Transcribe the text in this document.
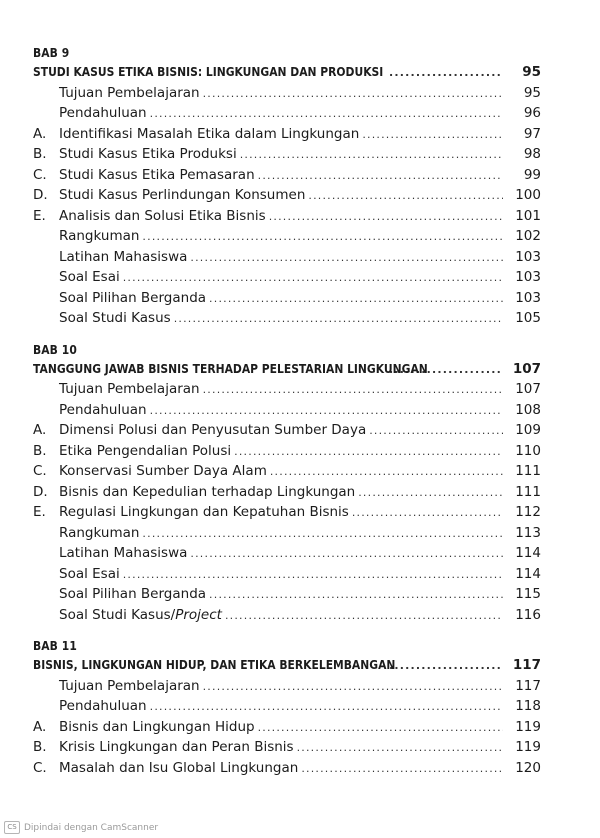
BAB 9
STUDI KASUS ETIKA BISNIS: LINGKUNGAN DAN PRODUKSI .....	95
Tujuan Pembelajaran .....	95
Pendahuluan .....	96
A. Identifikasi Masalah Etika dalam Lingkungan .....	97
B. Studi Kasus Etika Produksi .....	98
C. Studi Kasus Etika Pemasaran .....	99
D. Studi Kasus Perlindungan Konsumen .....	100
E. Analisis dan Solusi Etika Bisnis .....	101
Rangkuman .....	102
Latihan Mahasiswa .....	103
Soal Esai .....	103
Soal Pilihan Berganda .....	103
Soal Studi Kasus .....	105
BAB 10
TANGGUNG JAWAB BISNIS TERHADAP PELESTARIAN LINGKUNGAN .....	107
Tujuan Pembelajaran .....	107
Pendahuluan .....	108
A. Dimensi Polusi dan Penyusutan Sumber Daya .....	109
B. Etika Pengendalian Polusi .....	110
C. Konservasi Sumber Daya Alam .....	111
D. Bisnis dan Kepedulian terhadap Lingkungan .....	111
E. Regulasi Lingkungan dan Kepatuhan Bisnis .....	112
Rangkuman .....	113
Latihan Mahasiswa .....	114
Soal Esai .....	114
Soal Pilihan Berganda .....	115
Soal Studi Kasus/Project .....	116
BAB 11
BISNIS, LINGKUNGAN HIDUP, DAN ETIKA BERKELEMBANGAN .....	117
Tujuan Pembelajaran .....	117
Pendahuluan .....	118
A. Bisnis dan Lingkungan Hidup .....	119
B. Krisis Lingkungan dan Peran Bisnis .....	119
C. Masalah dan Isu Global Lingkungan .....	120
CS Dipindai dengan CamScanner
